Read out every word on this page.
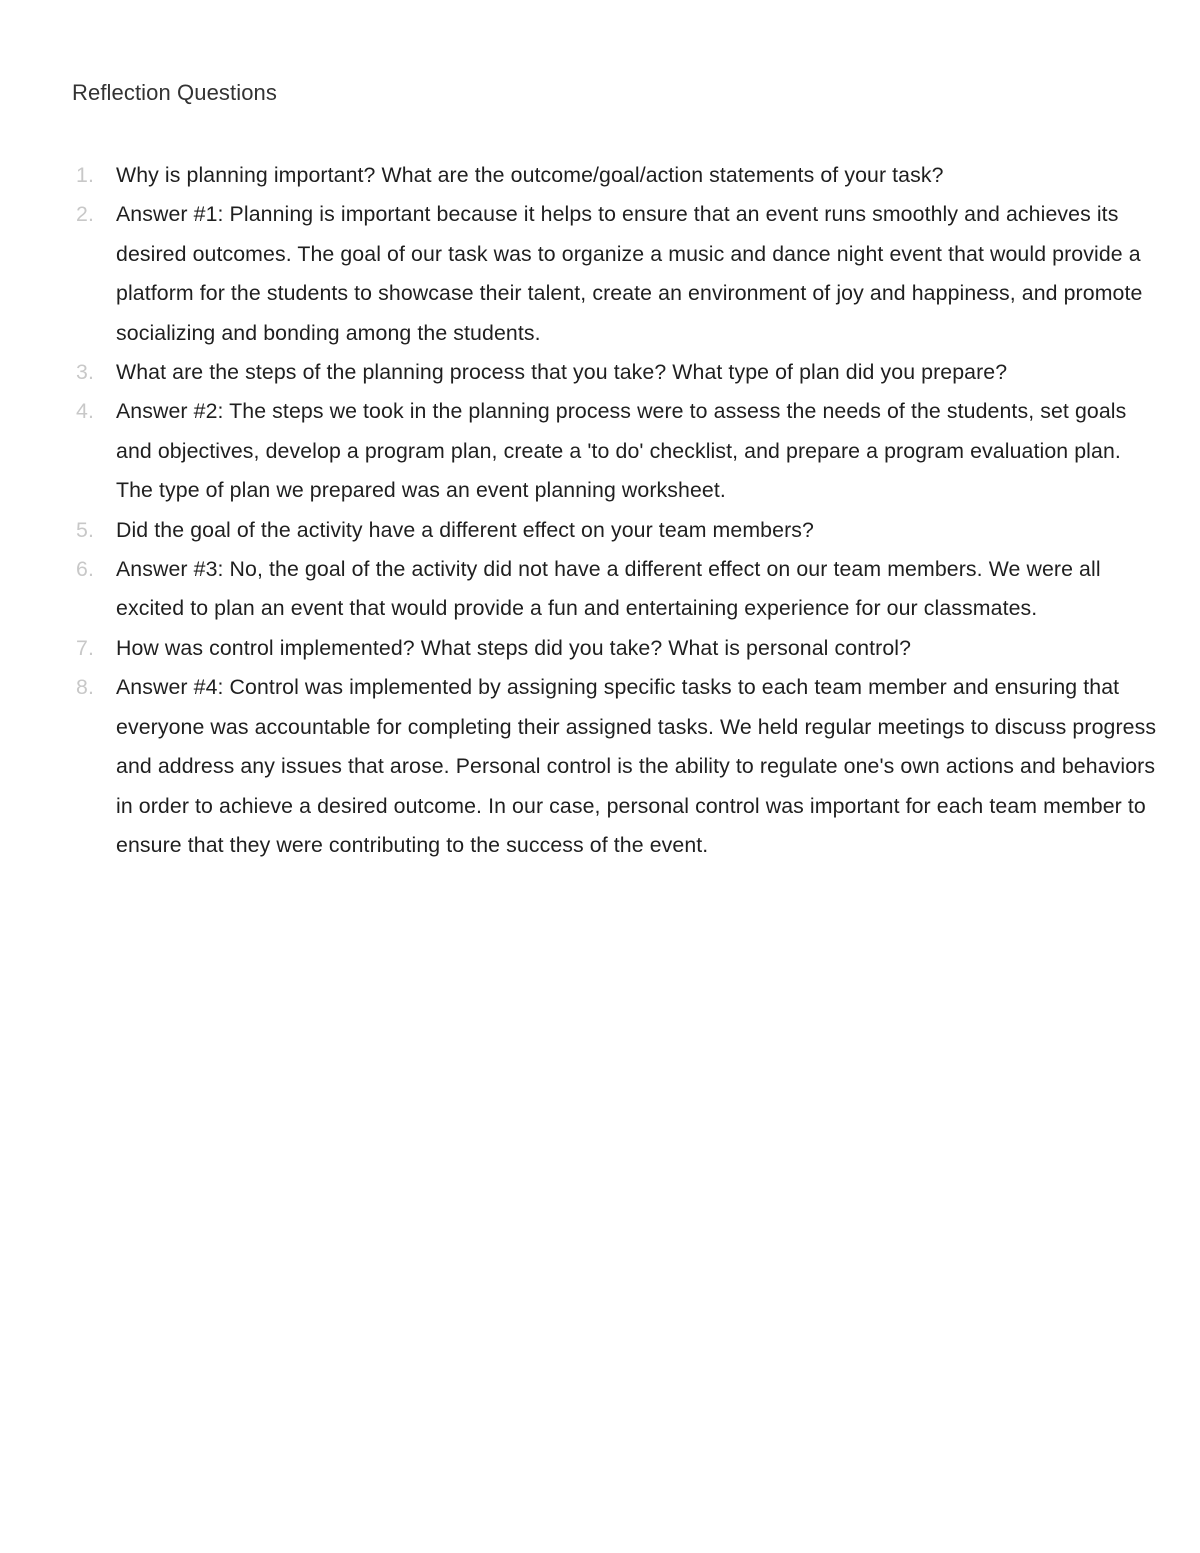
Reflection Questions
1. Why is planning important? What are the outcome/goal/action statements of your task?
2. Answer #1: Planning is important because it helps to ensure that an event runs smoothly and achieves its desired outcomes. The goal of our task was to organize a music and dance night event that would provide a platform for the students to showcase their talent, create an environment of joy and happiness, and promote socializing and bonding among the students.
3. What are the steps of the planning process that you take? What type of plan did you prepare?
4. Answer #2: The steps we took in the planning process were to assess the needs of the students, set goals and objectives, develop a program plan, create a 'to do' checklist, and prepare a program evaluation plan. The type of plan we prepared was an event planning worksheet.
5. Did the goal of the activity have a different effect on your team members?
6. Answer #3: No, the goal of the activity did not have a different effect on our team members. We were all excited to plan an event that would provide a fun and entertaining experience for our classmates.
7. How was control implemented? What steps did you take? What is personal control?
8. Answer #4: Control was implemented by assigning specific tasks to each team member and ensuring that everyone was accountable for completing their assigned tasks. We held regular meetings to discuss progress and address any issues that arose. Personal control is the ability to regulate one's own actions and behaviors in order to achieve a desired outcome. In our case, personal control was important for each team member to ensure that they were contributing to the success of the event.
